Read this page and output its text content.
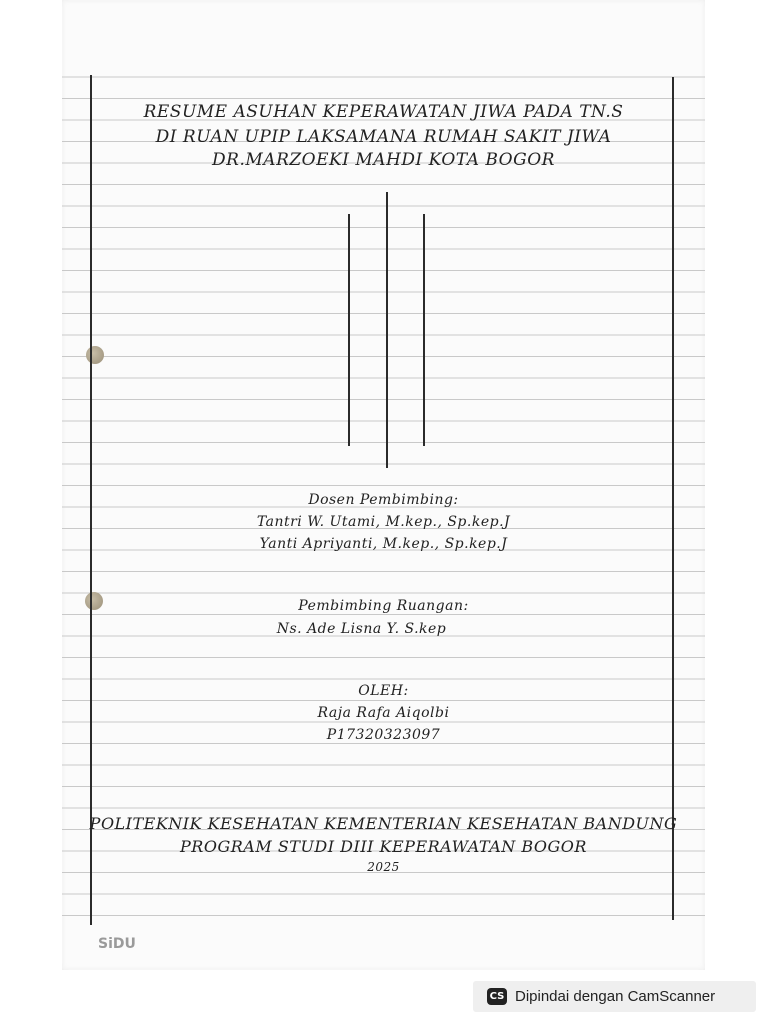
RESUME ASUHAN KEPERAWATAN JIWA PADA TN.S
DI RUAN UPIP LAKSAMANA RUMAH SAKIT JIWA
DR.MARZOEKI MAHDI KOTA BOGOR
Dosen Pembimbing:
Tantri W. Utami, M.kep., Sp.kep.J
Yanti Apriyanti, M.kep., Sp.kep.J
Pembimbing Ruangan:
Ns. Ade Lisna Y. S.kep
OLEH:
Raja Rafa Aiqolbi
P17320323097
POLITEKNIK KESEHATAN KEMENTERIAN KESEHATAN BANDUNG
PROGRAM STUDI DIII KEPERAWATAN BOGOR
2025
SiDU
CS Dipindai dengan CamScanner
